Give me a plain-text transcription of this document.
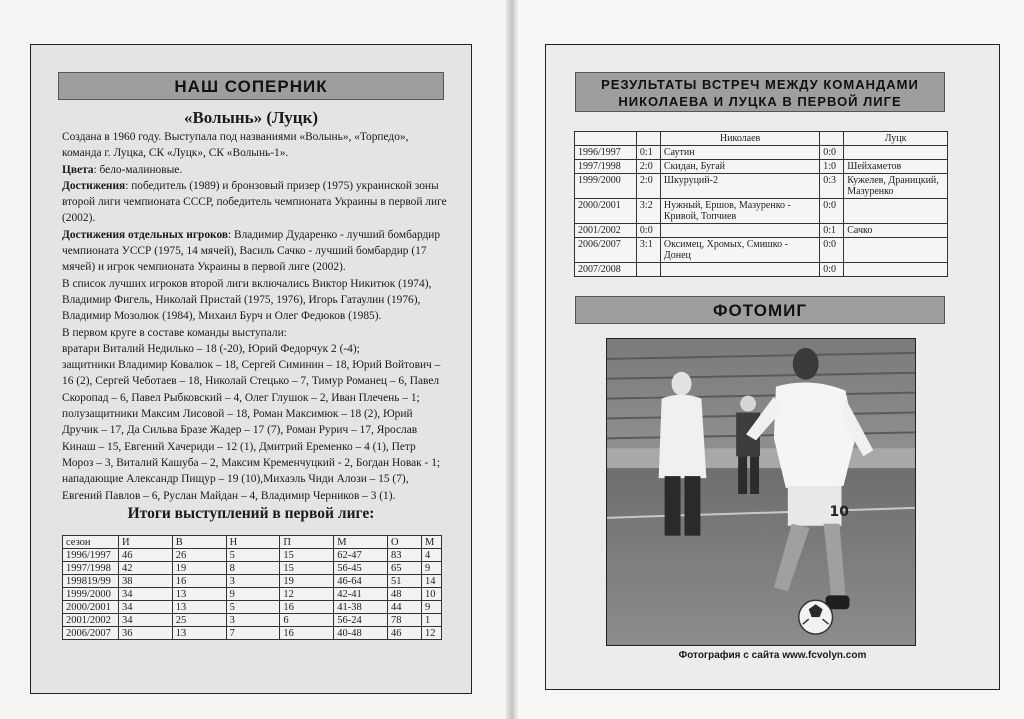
НАШ СОПЕРНИК
«Волынь» (Луцк)

Создана в 1960 году. Выступала под названиями «Волынь», «Торпедо», команда г. Луцка, СК «Луцк», СК «Волынь-1».

Цвета: бело-малиновые.

Достижения: победитель (1989) и бронзовый призер (1975) украинской зоны второй лиги чемпионата СССР, победитель чемпионата Украины в первой лиге (2002).

Достижения отдельных игроков: Владимир Дударенко - лучший бомбардир чемпионата УССР (1975, 14 мячей), Василь Сачко - лучший бомбардир (17 мячей) и игрок чемпионата Украины в первой лиге (2002).

В список лучших игроков второй лиги включались Виктор Никитюк (1974), Владимир Фигель, Николай Пристай (1975, 1976), Игорь Гатаулин (1976), Владимир Мозолюк (1984), Михаил Бурч и Олег Федюков (1985).

В первом круге в составе команды выступали:

вратари Виталий Недилько – 18 (-20), Юрий Федорчук 2 (-4);

защитники Владимир Ковалюк – 18, Сергей Симинин – 18, Юрий Войтович – 16 (2), Сергей Чеботаев – 18, Николай Стецько – 7, Тимур Романец – 6, Павел Скоропад – 6, Павел Рыбковский – 4, Олег Глушок – 2, Иван Плечень – 1;

полузащитники Максим Лисовой – 18, Роман Максимюк – 18 (2), Юрий Дручик – 17, Да Сильва Бразе Жадер – 17 (7), Роман Рурич – 17, Ярослав Кинаш – 15, Евгений Хачериди – 12 (1), Дмитрий Еременко – 4 (1), Петр Мороз – 3, Виталий Кашуба – 2, Максим Кременчуцкий - 2, Богдан Новак - 1;

нападающие Александр Пищур – 19 (10),Михаэль Чиди Алози – 15 (7), Евгений Павлов – 6, Руслан Майдан – 4, Владимир Черников – 3 (1).

Итоги выступлений в первой лиге:
сезон	И	В	Н	П	М	О	М
1996/1997	46	26	5	15	62-47	83	4
1997/1998	42	19	8	15	56-45	65	9
199819/99	38	16	3	19	46-64	51	14
1999/2000	34	13	9	12	42-41	48	10
2000/2001	34	13	5	16	41-38	44	9
2001/2002	34	25	3	6	56-24	78	1
2006/2007	36	13	7	16	40-48	46	12
РЕЗУЛЬТАТЫ ВСТРЕЧ МЕЖДУ КОМАНДАМИ
НИКОЛАЕВА И ЛУЦКА В ПЕРВОЙ ЛИГЕ
		Николаев		Луцк
1996/1997	0:1	Саутин	0:0	
1997/1998	2:0	Скидан, Бугай	1:0	Шейхаметов
1999/2000	2:0	Шкуруций-2	0:3	Кужелев, Драницкий, Мазуренко
2000/2001	3:2	Нужный, Ершов, Мазуренко - Кривой, Топчиев	0:0	
2001/2002	0:0		0:1	Сачко
2006/2007	3:1	Оксимец, Хромых, Смишко - Донец	0:0	
2007/2008			0:0	
ФОТОМИГ
10
Фотография с сайта www.fcvolyn.com
